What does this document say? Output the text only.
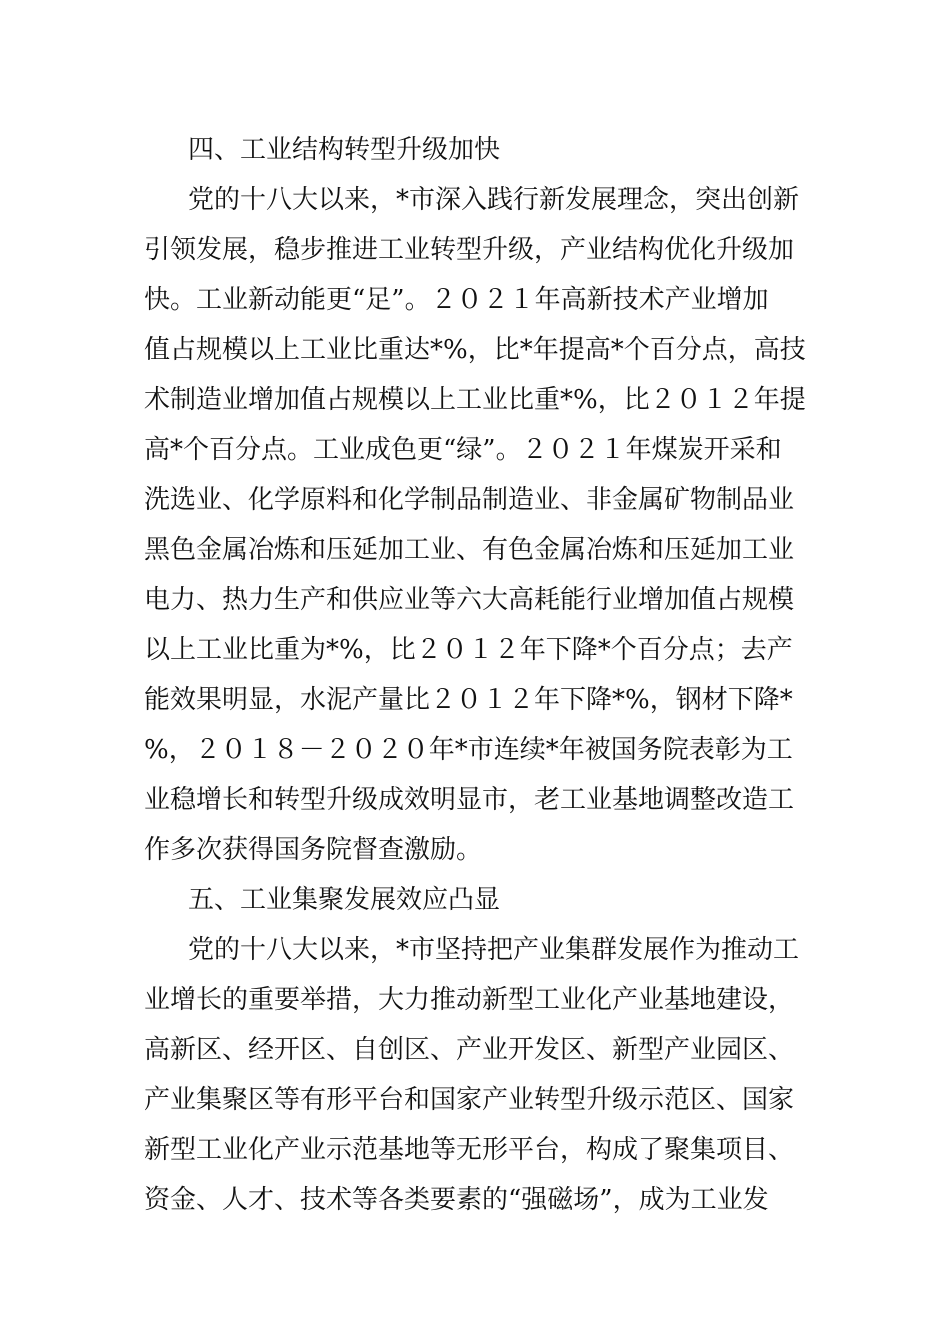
四、工业结构转型升级加快
党的十八大以来，*市深入践行新发展理念，突出创新
引领发展，稳步推进工业转型升级，产业结构优化升级加
快。工业新动能更“足”。２０２１年高新技术产业增加
值占规模以上工业比重达*%，比*年提高*个百分点，高技
术制造业增加值占规模以上工业比重*%，比２０１２年提
高*个百分点。工业成色更“绿”。２０２１年煤炭开采和
洗选业、化学原料和化学制品制造业、非金属矿物制品业
黑色金属冶炼和压延加工业、有色金属冶炼和压延加工业
电力、热力生产和供应业等六大高耗能行业增加值占规模
以上工业比重为*%，比２０１２年下降*个百分点；去产
能效果明显，水泥产量比２０１２年下降*%，钢材下降*
%，２０１８－２０２０年*市连续*年被国务院表彰为工
业稳增长和转型升级成效明显市，老工业基地调整改造工
作多次获得国务院督查激励。
五、工业集聚发展效应凸显
党的十八大以来，*市坚持把产业集群发展作为推动工
业增长的重要举措，大力推动新型工业化产业基地建设，
高新区、经开区、自创区、产业开发区、新型产业园区、
产业集聚区等有形平台和国家产业转型升级示范区、国家
新型工业化产业示范基地等无形平台，构成了聚集项目、
资金、人才、技术等各类要素的“强磁场”，成为工业发
